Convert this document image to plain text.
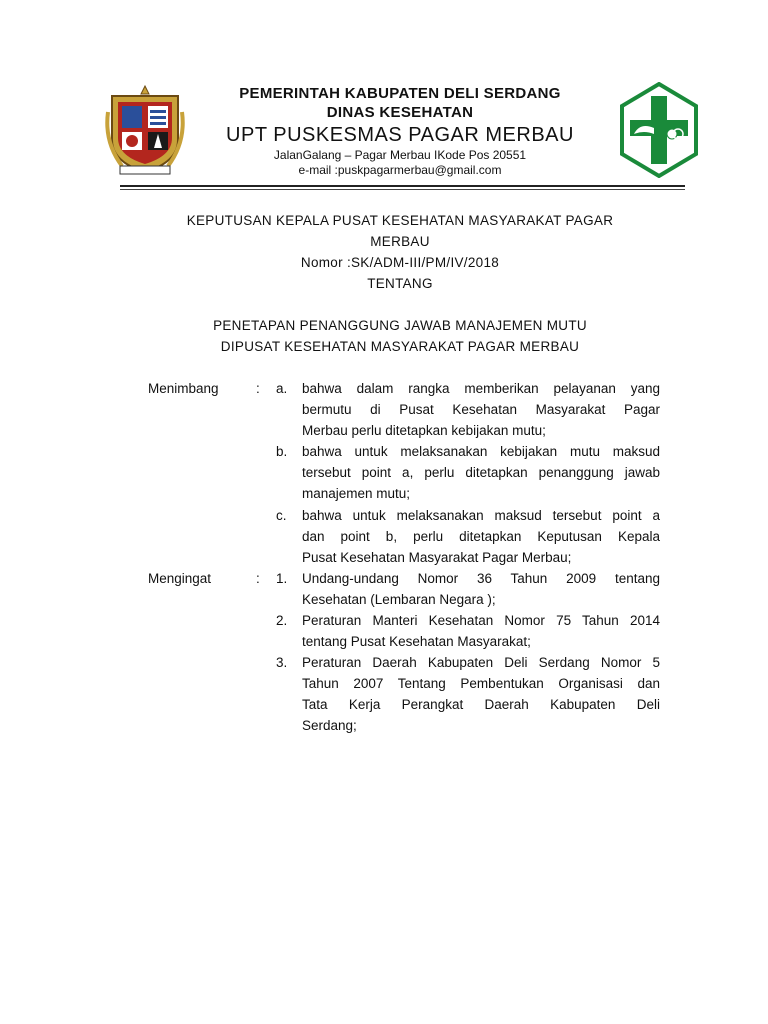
PEMERINTAH KABUPATEN DELI SERDANG
DINAS KESEHATAN
UPT PUSKESMAS PAGAR MERBAU
JalanGalang – Pagar Merbau IKode Pos 20551
e-mail :puskpagarmerbau@gmail.com
KEPUTUSAN KEPALA PUSAT KESEHATAN MASYARAKAT PAGAR
MERBAU
Nomor :SK/ADM-III/PM/IV/2018
TENTANG
PENETAPAN PENANGGUNG JAWAB MANAJEMEN MUTU
DIPUSAT KESEHATAN MASYARAKAT PAGAR MERBAU
Menimbang	: a. bahwa dalam rangka memberikan pelayanan yang
bermutu di Pusat Kesehatan Masyarakat Pagar
Merbau perlu ditetapkan kebijakan mutu;
b. bahwa untuk melaksanakan kebijakan mutu maksud
tersebut point a, perlu ditetapkan penanggung jawab
manajemen mutu;
c. bahwa untuk melaksanakan maksud tersebut point a
dan point b, perlu ditetapkan Keputusan Kepala
Pusat Kesehatan Masyarakat Pagar Merbau;
Mengingat	: 1. Undang-undang Nomor 36 Tahun 2009 tentang
Kesehatan (Lembaran Negara );
2. Peraturan Manteri Kesehatan Nomor 75 Tahun 2014
tentang Pusat Kesehatan Masyarakat;
3. Peraturan Daerah Kabupaten Deli Serdang Nomor 5
Tahun 2007 Tentang Pembentukan Organisasi dan
Tata Kerja Perangkat Daerah Kabupaten Deli
Serdang;
